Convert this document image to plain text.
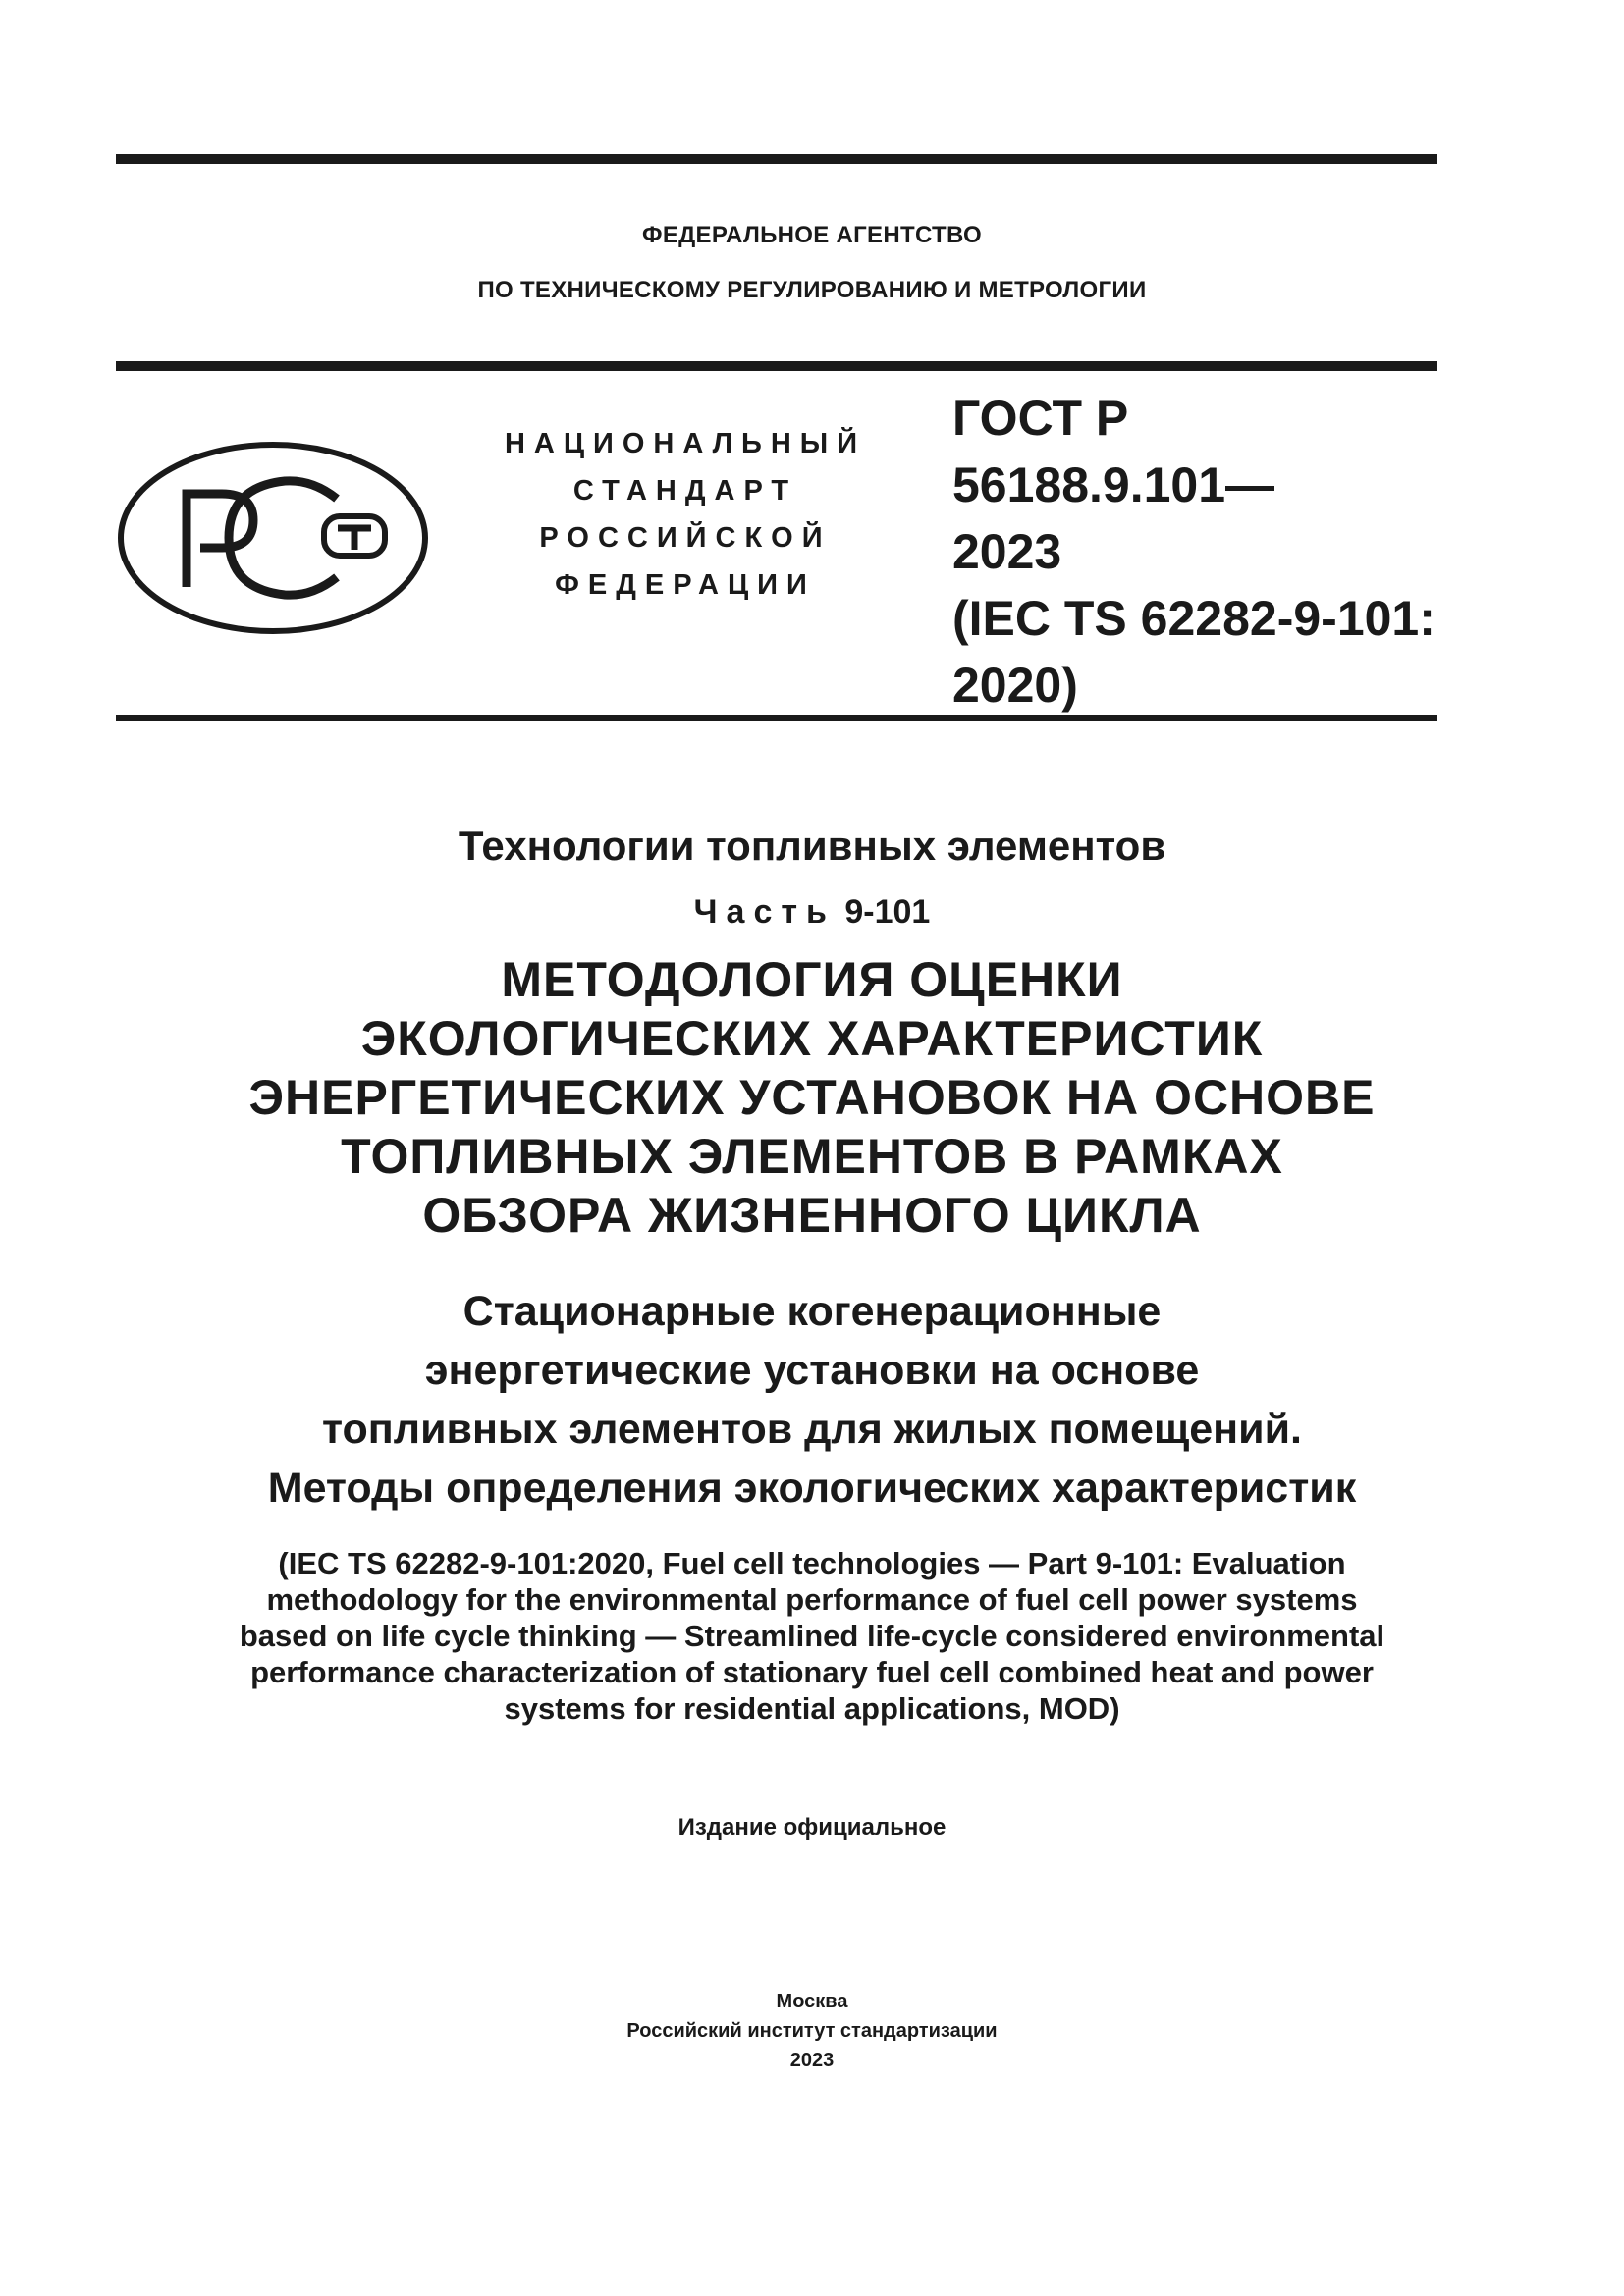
ФЕДЕРАЛЬНОЕ АГЕНТСТВО
ПО ТЕХНИЧЕСКОМУ РЕГУЛИРОВАНИЮ И МЕТРОЛОГИИ
НАЦИОНАЛЬНЫЙ
СТАНДАРТ
РОССИЙСКОЙ
ФЕДЕРАЦИИ
ГОСТ Р
56188.9.101—
2023
(IEC TS 62282-9-101:
2020)
Технологии топливных элементов
Часть 9-101
МЕТОДОЛОГИЯ ОЦЕНКИ
ЭКОЛОГИЧЕСКИХ ХАРАКТЕРИСТИК
ЭНЕРГЕТИЧЕСКИХ УСТАНОВОК НА ОСНОВЕ
ТОПЛИВНЫХ ЭЛЕМЕНТОВ В РАМКАХ
ОБЗОРА ЖИЗНЕННОГО ЦИКЛА
Стационарные когенерационные
энергетические установки на основе
топливных элементов для жилых помещений.
Методы определения экологических характеристик
(IEC TS 62282-9-101:2020, Fuel cell technologies — Part 9-101: Evaluation
methodology for the environmental performance of fuel cell power systems
based on life cycle thinking — Streamlined life-cycle considered environmental
performance characterization of stationary fuel cell combined heat and power
systems for residential applications, MOD)
Издание официальное
Москва
Российский институт стандартизации
2023
